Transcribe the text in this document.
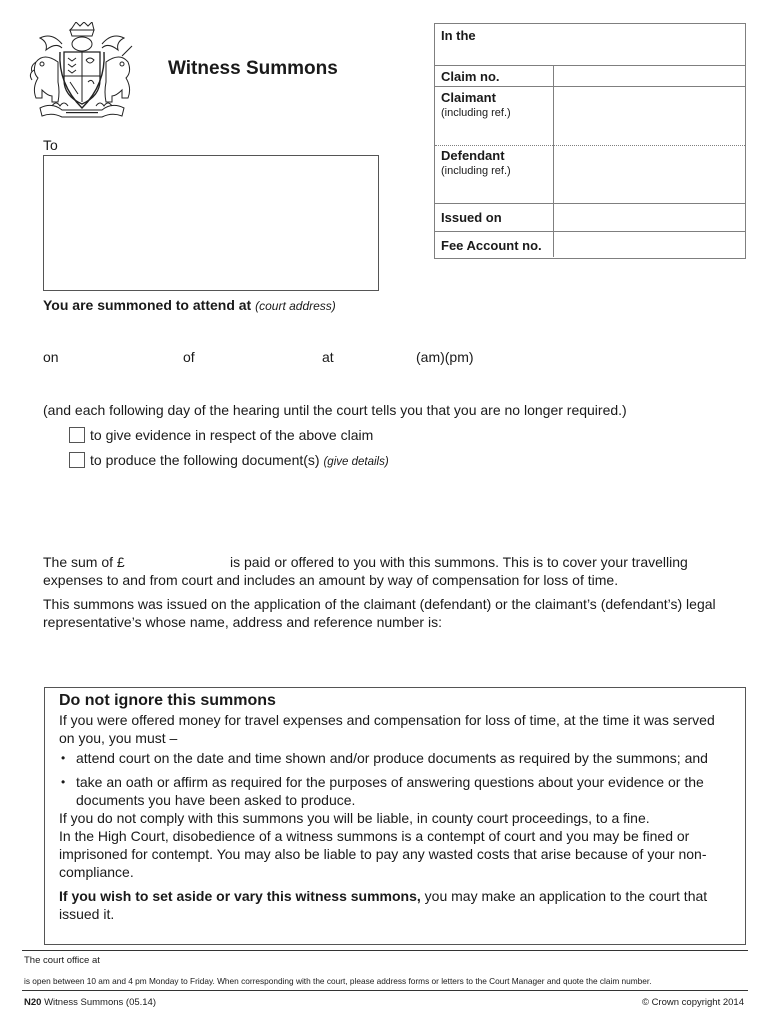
Witness Summons
In the
Claim no.
Claimant
(including ref.)
Defendant
(including ref.)
Issued on
Fee Account no.
To
You are summoned to attend at (court address)
on	of	at	(am)(pm)
(and each following day of the hearing until the court tells you that you are no longer required.)
to give evidence in respect of the above claim
to produce the following document(s) (give details)
The sum of £	is paid or offered to you with this summons. This is to cover your travelling
expenses to and from court and includes an amount by way of compensation for loss of time.
This summons was issued on the application of the claimant (defendant) or the claimant’s (defendant’s) legal
representative’s whose name, address and reference number is:

Do not ignore this summons

If you were offered money for travel expenses and compensation for loss of time, at the time it was served on you, you must –

• attend court on the date and time shown and/or produce documents as required by the summons; and

• take an oath or affirm as required for the purposes of answering questions about your evidence or the documents you have been asked to produce.

If you do not comply with this summons you will be liable, in county court proceedings, to a fine.

In the High Court, disobedience of a witness summons is a contempt of court and you may be fined or imprisoned for contempt. You may also be liable to pay any wasted costs that arise because of your non-compliance.

If you wish to set aside or vary this witness summons, you may make an application to the court that issued it.

The court office at
is open between 10 am and 4 pm Monday to Friday. When corresponding with the court, please address forms or letters to the Court Manager and quote the claim number.
N20 Witness Summons (05.14)	© Crown copyright 2014
